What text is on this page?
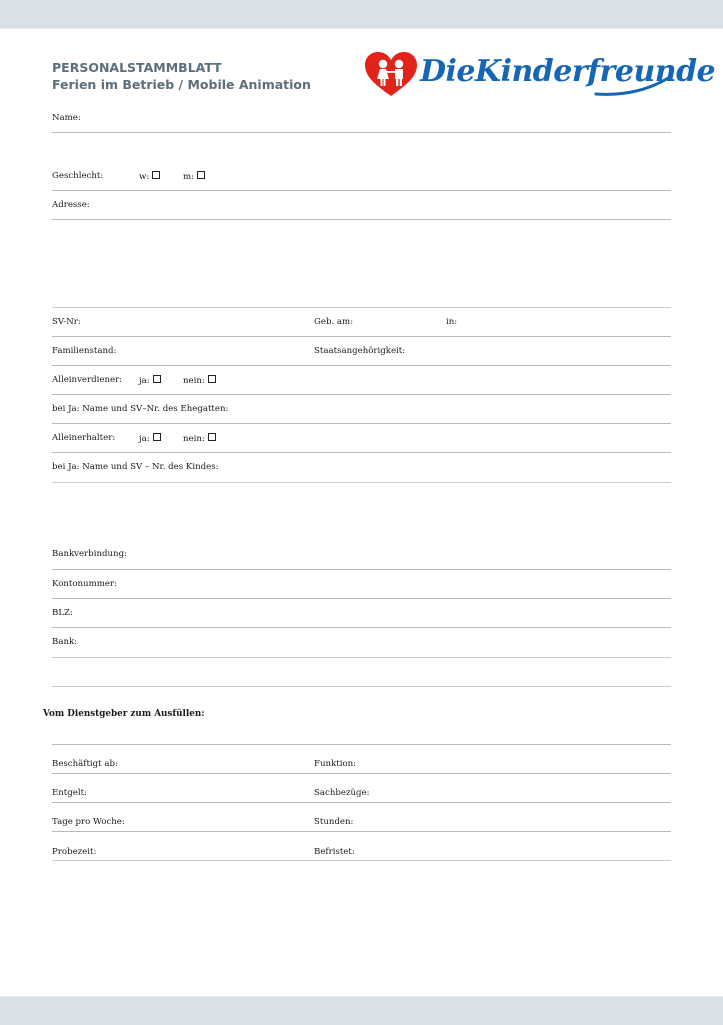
PERSONALSTAMMBLATT
Ferien im Betrieb / Mobile Animation	DieKinderfreunde
Name:
Geschlecht:	w:	m:
Adresse:
SV-Nr:	Geb. am:	in:
Familienstand:	Staatsangehörigkeit:
Alleinverdiener: ja:	nein:
bei Ja: Name und SV–Nr. des Ehegatten:
Alleinerhalter:	ja:	nein:
bei Ja: Name und SV – Nr. des Kindes:
Bankverbindung:
Kontonummer:
BLZ:
Bank:
Vom Dienstgeber zum Ausfüllen:
Beschäftigt ab:	Funktion:
Entgelt:	Sachbezüge:
Tage pro Woche:	Stunden:
Probezeit:	Befristet:
